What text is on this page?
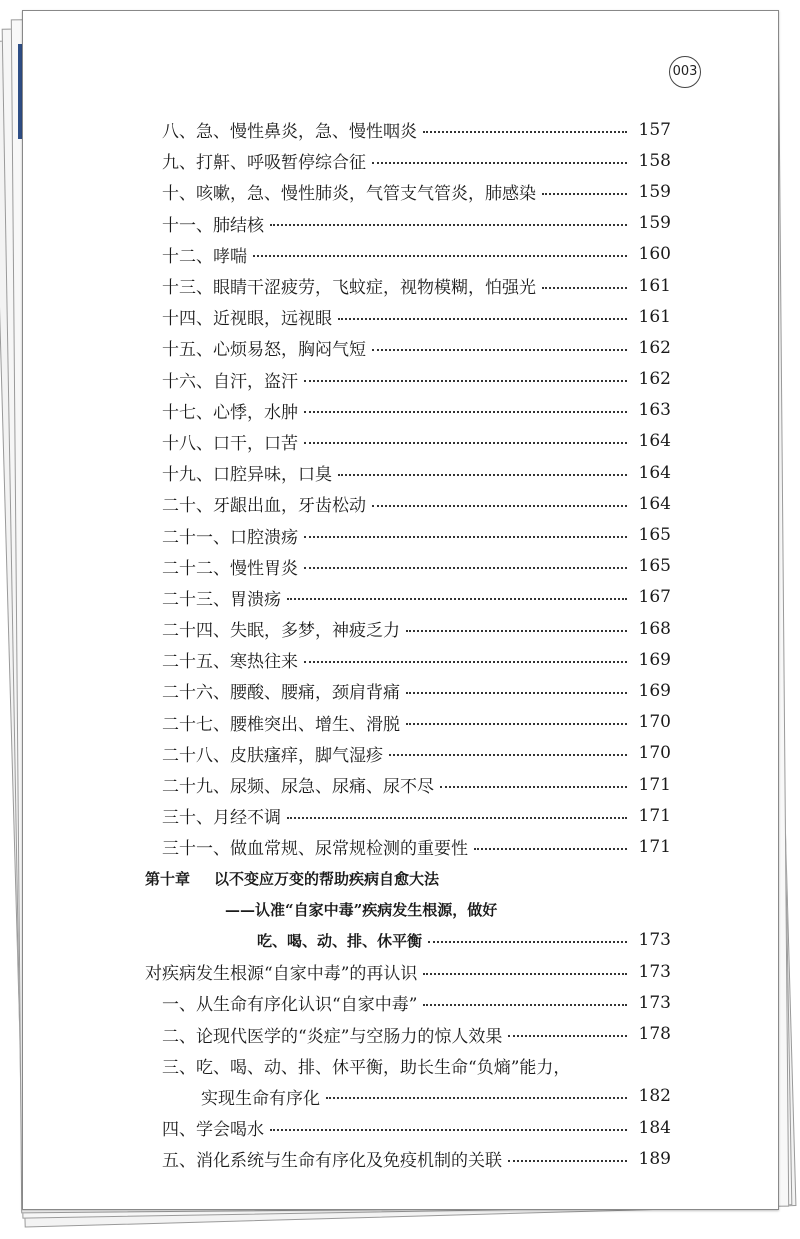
003
八、急、慢性鼻炎，急、慢性咽炎	157
九、打鼾、呼吸暂停综合征	158
十、咳嗽，急、慢性肺炎，气管支气管炎，肺感染	159
十一、肺结核	159
十二、哮喘	160
十三、眼睛干涩疲劳，飞蚊症，视物模糊，怕强光	161
十四、近视眼，远视眼	161
十五、心烦易怒，胸闷气短	162
十六、自汗，盗汗	162
十七、心悸，水肿	163
十八、口干，口苦	164
十九、口腔异味，口臭	164
二十、牙龈出血，牙齿松动	164
二十一、口腔溃疡	165
二十二、慢性胃炎	165
二十三、胃溃疡	167
二十四、失眠，多梦，神疲乏力	168
二十五、寒热往来	169
二十六、腰酸、腰痛，颈肩背痛	169
二十七、腰椎突出、增生、滑脱	170
二十八、皮肤瘙痒，脚气湿疹	170
二十九、尿频、尿急、尿痛、尿不尽	171
三十、月经不调	171
三十一、做血常规、尿常规检测的重要性	171
第十章 以不变应万变的帮助疾病自愈大法
——认准“自家中毒”疾病发生根源，做好
吃、喝、动、排、休平衡	173
对疾病发生根源“自家中毒”的再认识	173
一、从生命有序化认识“自家中毒”	173
二、论现代医学的“炎症”与空肠力的惊人效果	178
三、吃、喝、动、排、休平衡，助长生命“负熵”能力，
实现生命有序化	182
四、学会喝水	184
五、消化系统与生命有序化及免疫机制的关联	189
